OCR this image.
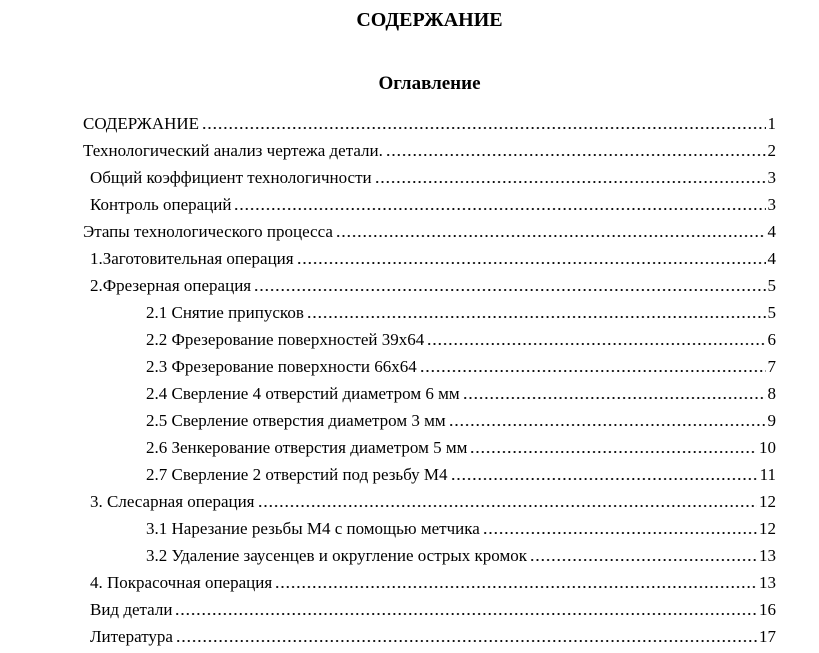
СОДЕРЖАНИЕ
Оглавление
СОДЕРЖАНИЕ	1
Технологический анализ чертежа детали.	2
Общий коэффициент технологичности	3
Контроль операций	3
Этапы технологического процесса	4
1.Заготовительная операция	4
2.Фрезерная операция	5
2.1 Снятие припусков	5
2.2 Фрезерование поверхностей 39х64	6
2.3 Фрезерование поверхности 66х64	7
2.4 Сверление 4 отверстий диаметром 6 мм	8
2.5 Сверление отверстия диаметром 3 мм	9
2.6 Зенкерование отверстия диаметром 5 мм	10
2.7 Сверление 2 отверстий под резьбу М4	11
3. Слесарная операция	12
3.1 Нарезание резьбы М4 с помощью метчика	12
3.2 Удаление заусенцев и округление острых кромок	13
4. Покрасочная операция	13
Вид детали	16
Литература	17
